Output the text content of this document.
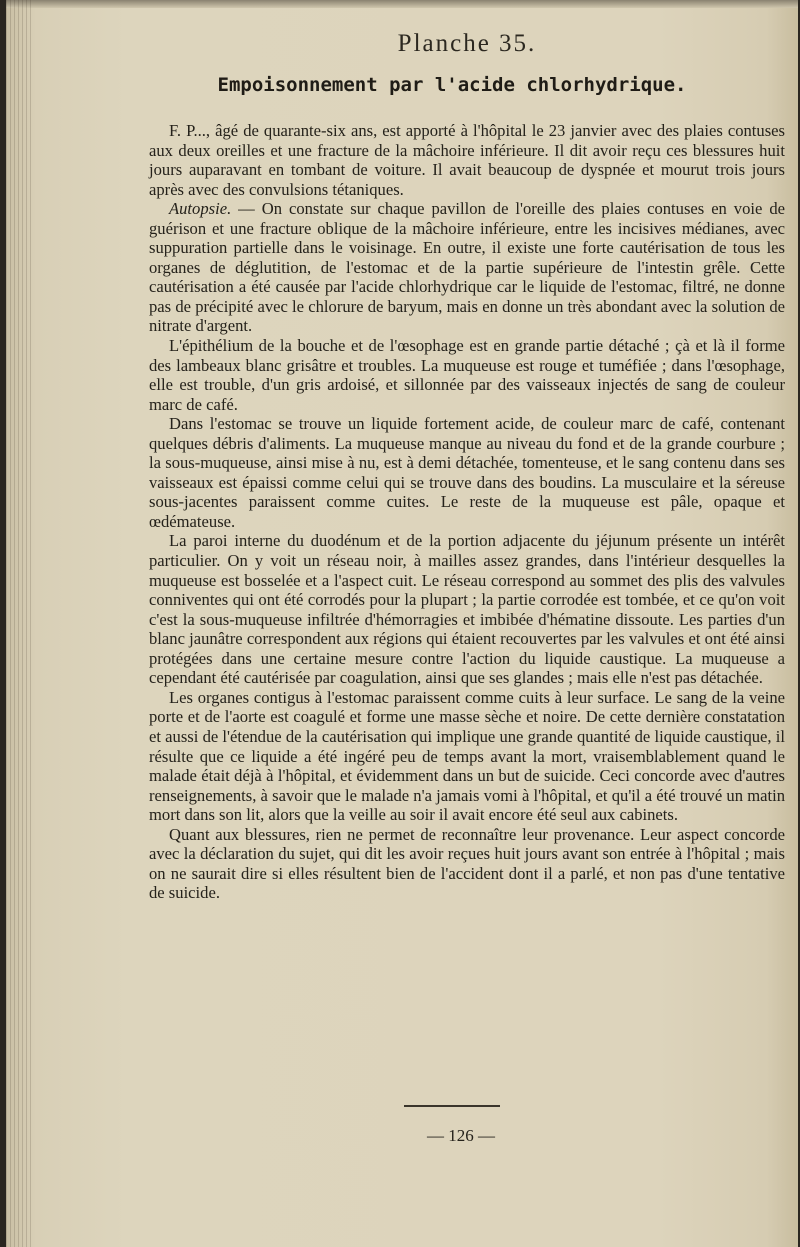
Planche 35.
Empoisonnement par l'acide chlorhydrique.

F. P..., âgé de quarante-six ans, est apporté à l'hôpital le 23 janvier avec des plaies contuses aux deux oreilles et une fracture de la mâchoire inférieure. Il dit avoir reçu ces blessures huit jours auparavant en tombant de voiture. Il avait beaucoup de dyspnée et mourut trois jours après avec des convulsions tétaniques.

Autopsie. — On constate sur chaque pavillon de l'oreille des plaies contuses en voie de guérison et une fracture oblique de la mâchoire inférieure, entre les incisives médianes, avec suppuration partielle dans le voisinage. En outre, il existe une forte cautérisation de tous les organes de déglutition, de l'estomac et de la partie supérieure de l'intestin grêle. Cette cautérisation a été causée par l'acide chlorhydrique car le liquide de l'estomac, filtré, ne donne pas de précipité avec le chlorure de baryum, mais en donne un très abondant avec la solution de nitrate d'argent.

L'épithélium de la bouche et de l'œsophage est en grande partie détaché ; çà et là il forme des lambeaux blanc grisâtre et troubles. La muqueuse est rouge et tuméfiée ; dans l'œsophage, elle est trouble, d'un gris ardoisé, et sillonnée par des vaisseaux injectés de sang de couleur marc de café.

Dans l'estomac se trouve un liquide fortement acide, de couleur marc de café, contenant quelques débris d'aliments. La muqueuse manque au niveau du fond et de la grande courbure ; la sous-muqueuse, ainsi mise à nu, est à demi détachée, tomenteuse, et le sang contenu dans ses vaisseaux est épaissi comme celui qui se trouve dans des boudins. La musculaire et la séreuse sous-jacentes paraissent comme cuites. Le reste de la muqueuse est pâle, opaque et œdémateuse.

La paroi interne du duodénum et de la portion adjacente du jéjunum présente un intérêt particulier. On y voit un réseau noir, à mailles assez grandes, dans l'intérieur desquelles la muqueuse est bosselée et a l'aspect cuit. Le réseau correspond au sommet des plis des valvules conniventes qui ont été corrodés pour la plupart ; la partie corrodée est tombée, et ce qu'on voit c'est la sous-muqueuse infiltrée d'hémorragies et imbibée d'hématine dissoute. Les parties d'un blanc jaunâtre correspondent aux régions qui étaient recouvertes par les valvules et ont été ainsi protégées dans une certaine mesure contre l'action du liquide caustique. La muqueuse a cependant été cautérisée par coagulation, ainsi que ses glandes ; mais elle n'est pas détachée.

Les organes contigus à l'estomac paraissent comme cuits à leur surface. Le sang de la veine porte et de l'aorte est coagulé et forme une masse sèche et noire. De cette dernière constatation et aussi de l'étendue de la cautérisation qui implique une grande quantité de liquide caustique, il résulte que ce liquide a été ingéré peu de temps avant la mort, vraisemblablement quand le malade était déjà à l'hôpital, et évidemment dans un but de suicide. Ceci concorde avec d'autres renseignements, à savoir que le malade n'a jamais vomi à l'hôpital, et qu'il a été trouvé un matin mort dans son lit, alors que la veille au soir il avait encore été seul aux cabinets.

Quant aux blessures, rien ne permet de reconnaître leur provenance. Leur aspect concorde avec la déclaration du sujet, qui dit les avoir reçues huit jours avant son entrée à l'hôpital ; mais on ne saurait dire si elles résultent bien de l'accident dont il a parlé, et non pas d'une tentative de suicide.

— 126 —
